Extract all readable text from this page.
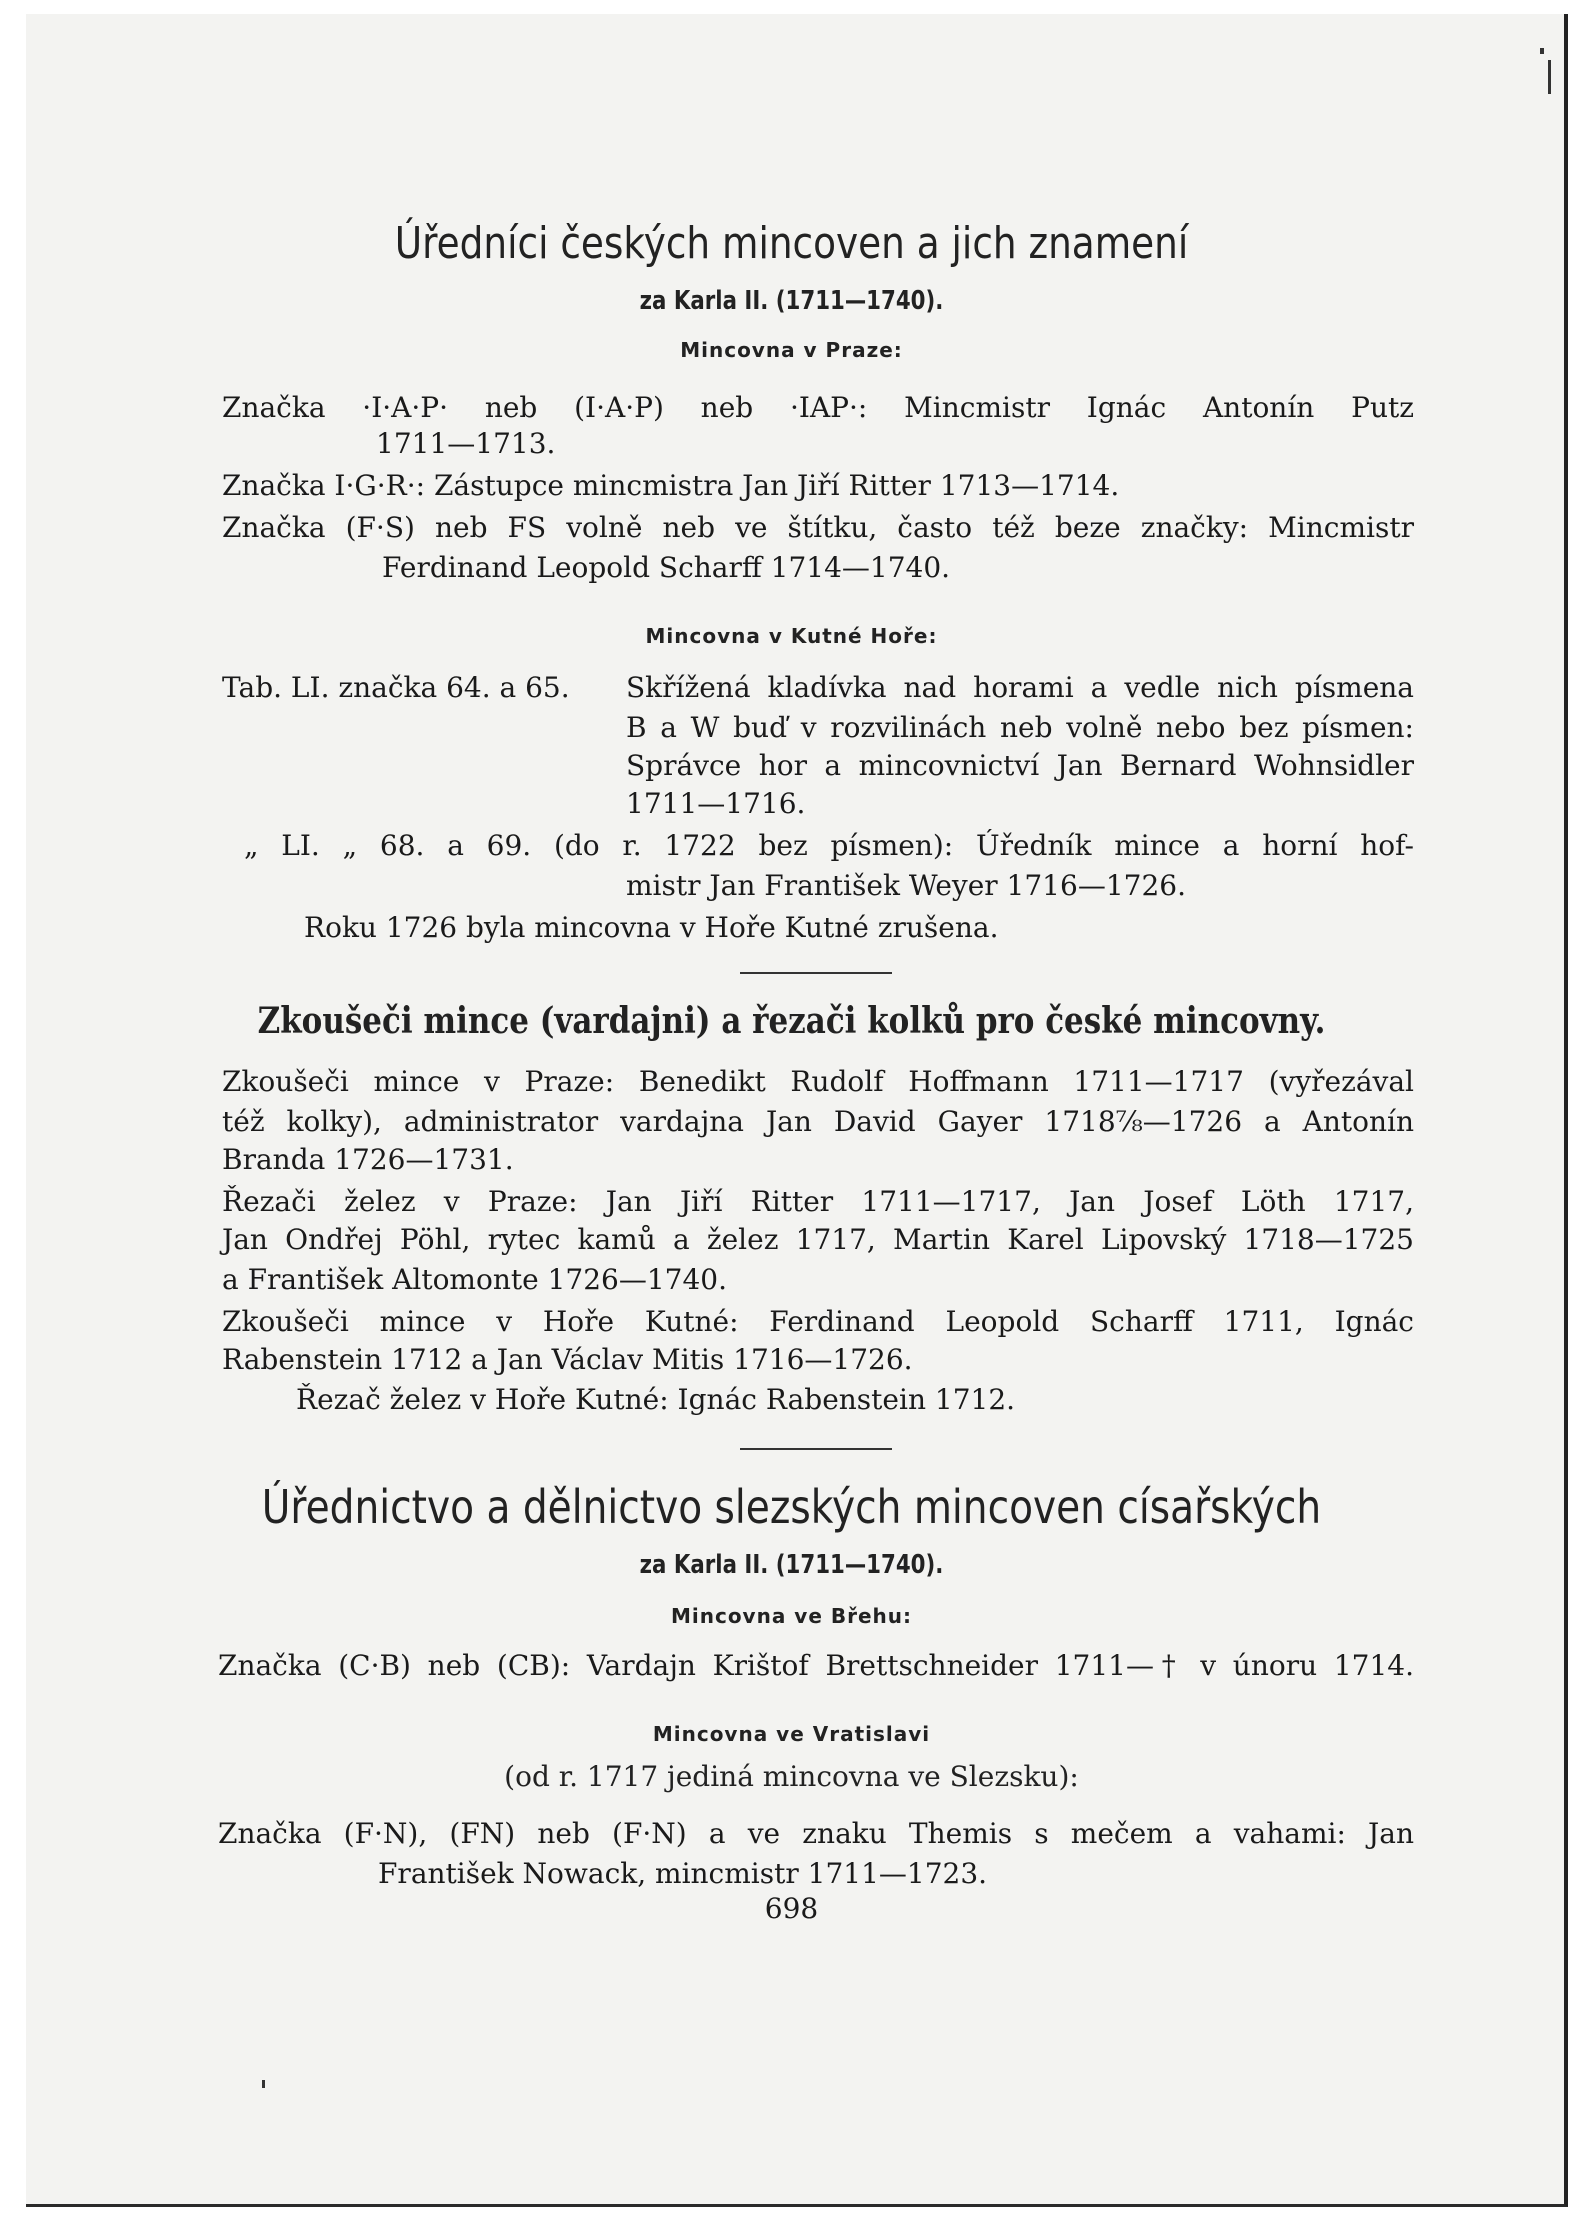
Úředníci českých mincoven a jich znamení
za Karla II. (1711—1740).
Mincovna v Praze:
Značka ·I·A·P· neb (I·A·P) neb ·IAP·: Mincmistr Ignác Antonín Putz
1711—1713.
Značka I·G·R·: Zástupce mincmistra Jan Jiří Ritter 1713—1714.
Značka (F·S) neb FS volně neb ve štítku, často též beze značky: Mincmistr
Ferdinand Leopold Scharff 1714—1740.
Mincovna v Kutné Hoře:
Tab. LI. značka 64. a 65. Skřížená kladívka nad horami a vedle nich písmena
B a W buď v rozvilinách neb volně nebo bez písmen:
Správce hor a mincovnictví Jan Bernard Wohnsidler
1711—1716.
„ LI. „ 68. a 69. (do r. 1722 bez písmen): Úředník mince a horní hof-
mistr Jan František Weyer 1716—1726.
Roku 1726 byla mincovna v Hoře Kutné zrušena.
Zkoušeči mince (vardajni) a řezači kolků pro české mincovny.
Zkoušeči mince v Praze: Benedikt Rudolf Hoffmann 1711—1717 (vyřezával
též kolky), administrator vardajna Jan David Gayer 1718⅞—1726 a Antonín
Branda 1726—1731.
Řezači želez v Praze: Jan Jiří Ritter 1711—1717, Jan Josef Löth 1717,
Jan Ondřej Pöhl, rytec kamů a želez 1717, Martin Karel Lipovský 1718—1725
a František Altomonte 1726—1740.
Zkoušeči mince v Hoře Kutné: Ferdinand Leopold Scharff 1711, Ignác
Rabenstein 1712 a Jan Václav Mitis 1716—1726.
Řezač želez v Hoře Kutné: Ignác Rabenstein 1712.
Úřednictvo a dělnictvo slezských mincoven císařských
za Karla II. (1711—1740).
Mincovna ve Břehu:
Značka (C·B) neb (CB): Vardajn Krištof Brettschneider 1711—† v únoru 1714.
Mincovna ve Vratislavi
(od r. 1717 jediná mincovna ve Slezsku):
Značka (F·N), (FN) neb (F·N) a ve znaku Themis s mečem a vahami: Jan
František Nowack, mincmistr 1711—1723.
698
